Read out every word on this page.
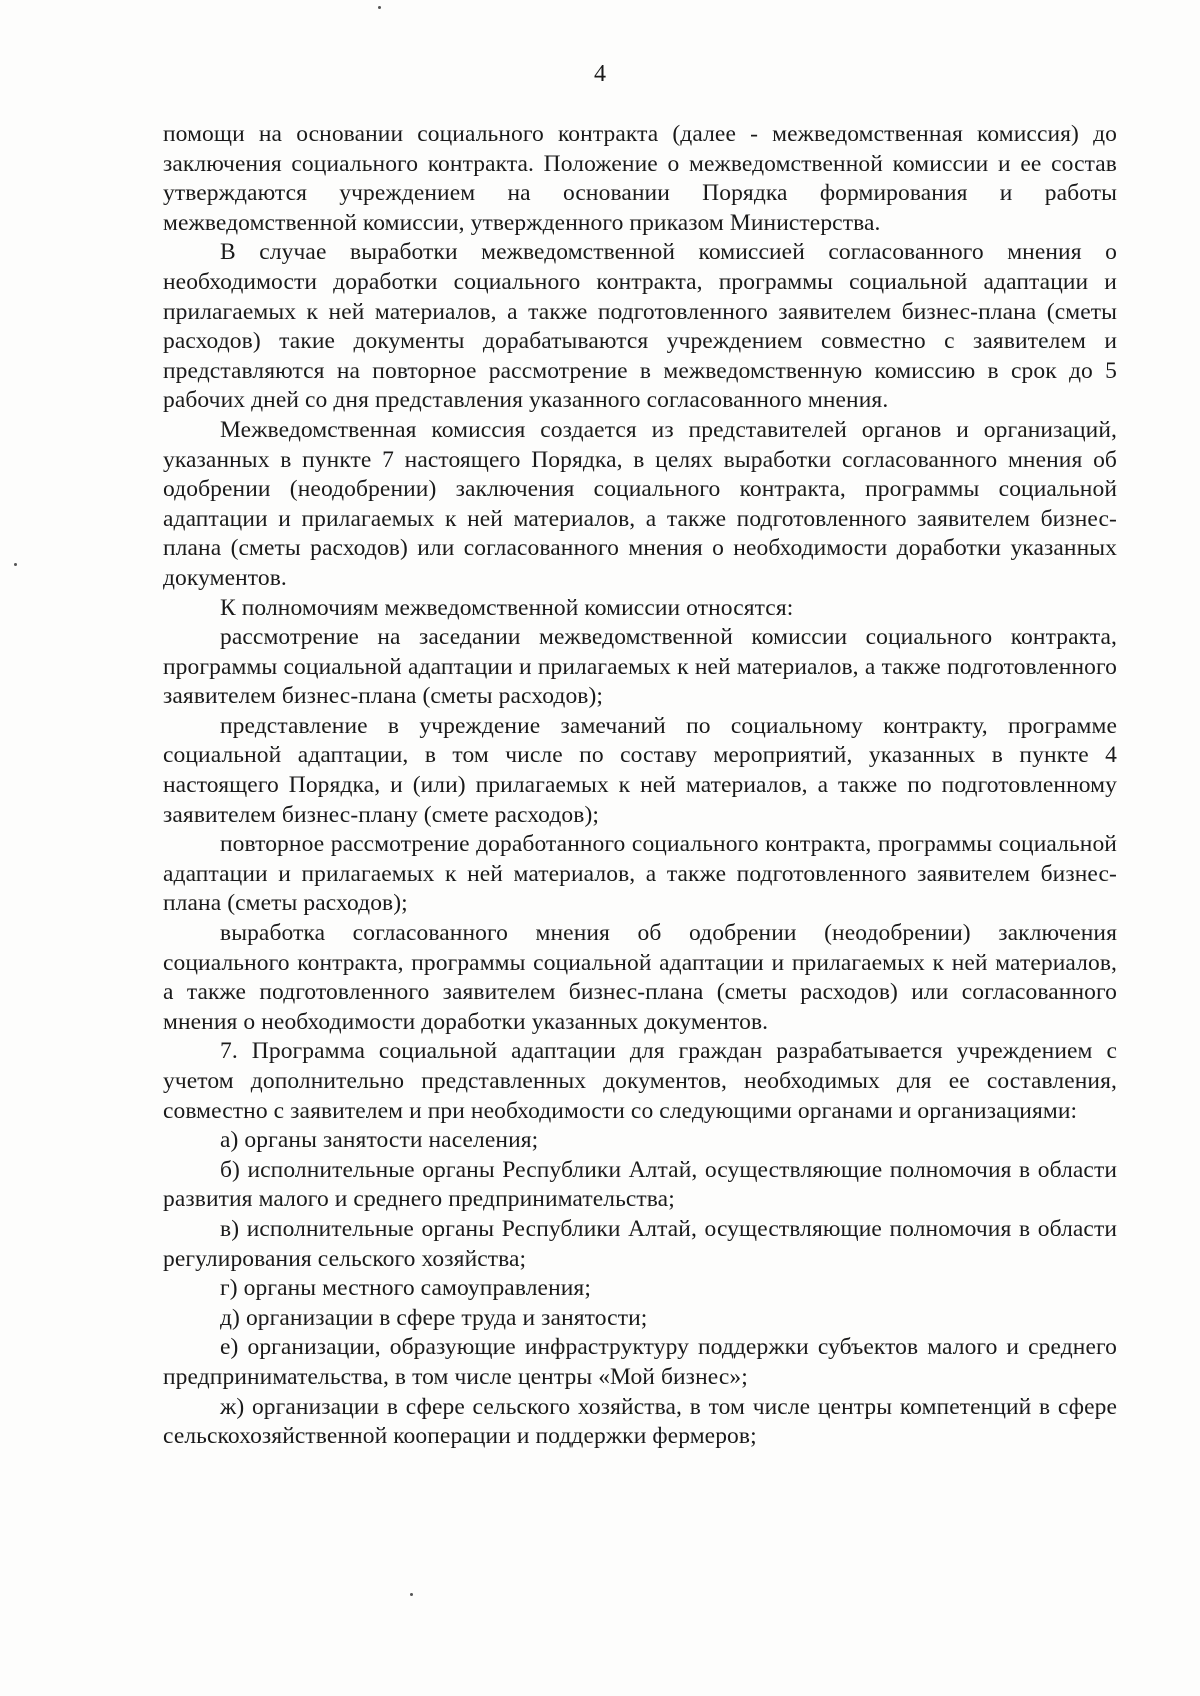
4

помощи на основании социального контракта (далее - межведомственная комиссия) до заключения социального контракта. Положение о межведомственной комиссии и ее состав утверждаются учреждением на основании Порядка формирования и работы межведомственной комиссии, утвержденного приказом Министерства.

В случае выработки межведомственной комиссией согласованного мнения о необходимости доработки социального контракта, программы социальной адаптации и прилагаемых к ней материалов, а также подготовленного заявителем бизнес-плана (сметы расходов) такие документы дорабатываются учреждением совместно с заявителем и представляются на повторное рассмотрение в межведомственную комиссию в срок до 5 рабочих дней со дня представления указанного согласованного мнения.

Межведомственная комиссия создается из представителей органов и организаций, указанных в пункте 7 настоящего Порядка, в целях выработки согласованного мнения об одобрении (неодобрении) заключения социального контракта, программы социальной адаптации и прилагаемых к ней материалов, а также подготовленного заявителем бизнес-плана (сметы расходов) или согласованного мнения о необходимости доработки указанных документов.

К полномочиям межведомственной комиссии относятся:

рассмотрение на заседании межведомственной комиссии социального контракта, программы социальной адаптации и прилагаемых к ней материалов, а также подготовленного заявителем бизнес-плана (сметы расходов);

представление в учреждение замечаний по социальному контракту, программе социальной адаптации, в том числе по составу мероприятий, указанных в пункте 4 настоящего Порядка, и (или) прилагаемых к ней материалов, а также по подготовленному заявителем бизнес-плану (смете расходов);

повторное рассмотрение доработанного социального контракта, программы социальной адаптации и прилагаемых к ней материалов, а также подготовленного заявителем бизнес-плана (сметы расходов);

выработка согласованного мнения об одобрении (неодобрении) заключения социального контракта, программы социальной адаптации и прилагаемых к ней материалов, а также подготовленного заявителем бизнес-плана (сметы расходов) или согласованного мнения о необходимости доработки указанных документов.

7. Программа социальной адаптации для граждан разрабатывается учреждением с учетом дополнительно представленных документов, необходимых для ее составления, совместно с заявителем и при необходимости со следующими органами и организациями:

а) органы занятости населения;

б) исполнительные органы Республики Алтай, осуществляющие полномочия в области развития малого и среднего предпринимательства;

в) исполнительные органы Республики Алтай, осуществляющие полномочия в области регулирования сельского хозяйства;

г) органы местного самоуправления;

д) организации в сфере труда и занятости;

е) организации, образующие инфраструктуру поддержки субъектов малого и среднего предпринимательства, в том числе центры «Мой бизнес»;

ж) организации в сфере сельского хозяйства, в том числе центры компетенций в сфере сельскохозяйственной кооперации и поддержки фермеров;
